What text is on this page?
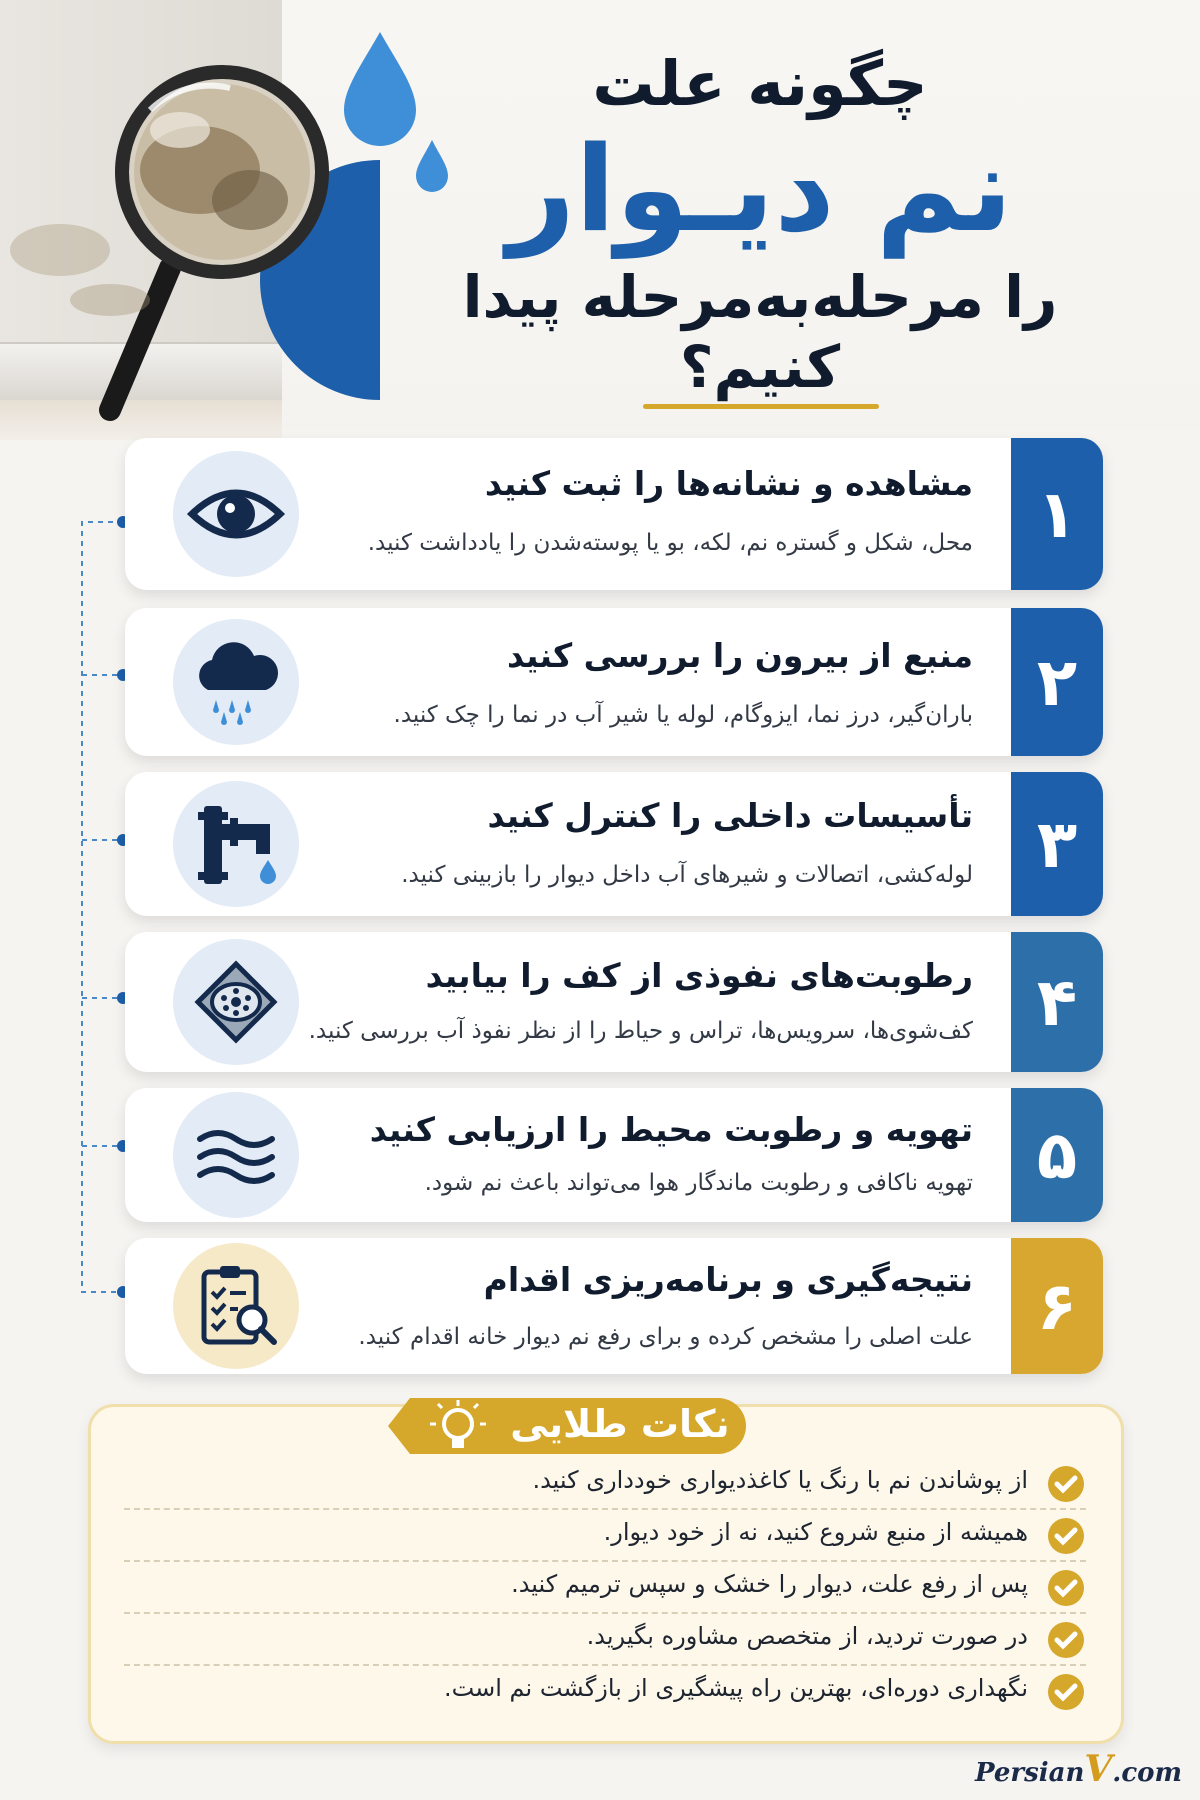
چگونه علت
نم دیـوار
را مرحله‌به‌مرحله پیدا کنیم؟
۱
مشاهده و نشانه‌ها را ثبت کنید
محل، شکل و گستره نم، لکه، بو یا پوسته‌شدن را یادداشت کنید.
۲
منبع از بیرون را بررسی کنید
باران‌گیر، درز نما، ایزوگام، لوله یا شیر آب در نما را چک کنید.
۳
تأسیسات داخلی را کنترل کنید
لوله‌کشی، اتصالات و شیرهای آب داخل دیوار را بازبینی کنید.
۴
رطوبت‌های نفوذی از کف را بیابید
کف‌شوی‌ها، سرویس‌ها، تراس و حیاط را از نظر نفوذ آب بررسی کنید.
۵
تهویه و رطوبت محیط را ارزیابی کنید
تهویه ناکافی و رطوبت ماندگار هوا می‌تواند باعث نم شود.
۶
نتیجه‌گیری و برنامه‌ریزی اقدام
علت اصلی را مشخص کرده و برای رفع نم دیوار خانه اقدام کنید.
نکات طلایی
از پوشاندن نم با رنگ یا کاغذدیواری خودداری کنید.
همیشه از منبع شروع کنید، نه از خود دیوار.
پس از رفع علت، دیوار را خشک و سپس ترمیم کنید.
در صورت تردید، از متخصص مشاوره بگیرید.
نگهداری دوره‌ای، بهترین راه پیشگیری از بازگشت نم است.
PersianV.com
